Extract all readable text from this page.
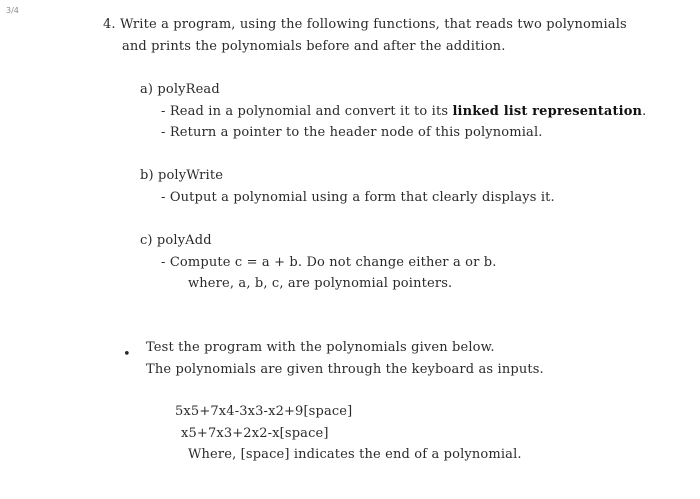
3/4
4. Write a program, using the following functions, that reads two polynomials
and prints the polynomials before and after the addition.
a) polyRead
- Read in a polynomial and convert it to its linked list representation.
- Return a pointer to the header node of this polynomial.
b) polyWrite
- Output a polynomial using a form that clearly displays it.
c) polyAdd
- Compute c = a + b. Do not change either a or b.
where, a, b, c, are polynomial pointers.
• Test the program with the polynomials given below.
The polynomials are given through the keyboard as inputs.
5x5+7x4-3x3-x2+9[space]
x5+7x3+2x2-x[space]
Where, [space] indicates the end of a polynomial.
